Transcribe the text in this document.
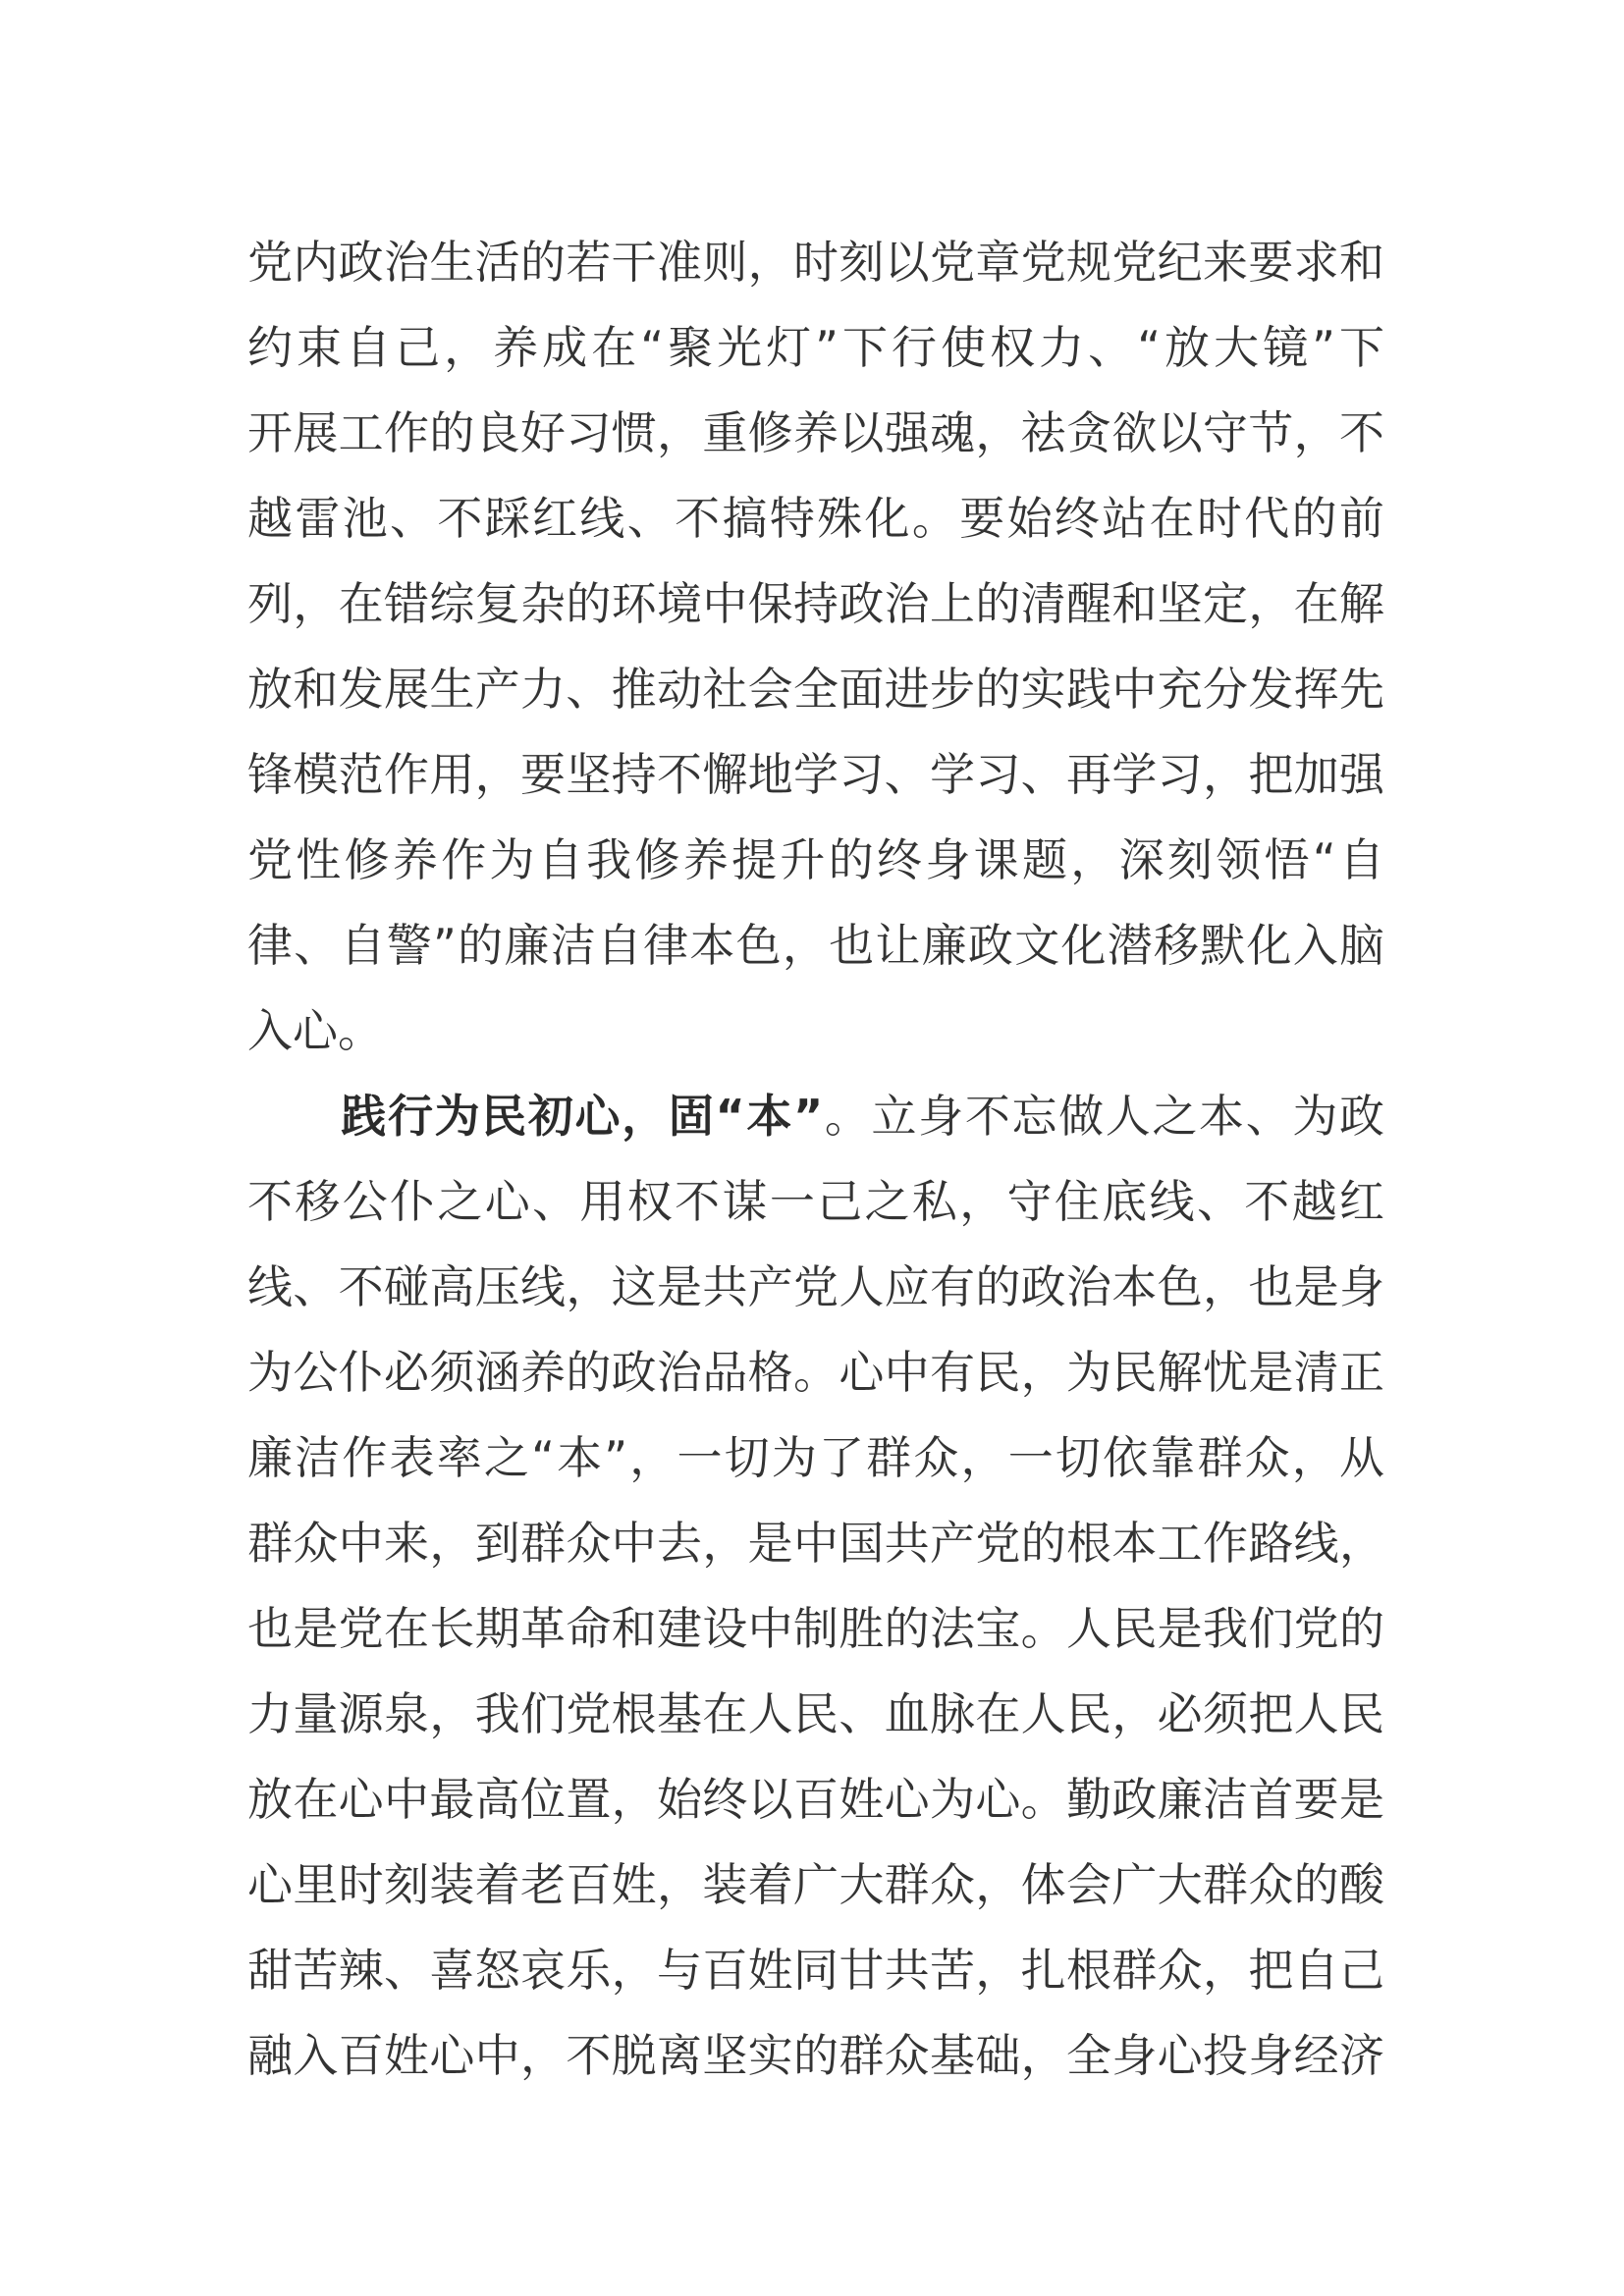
党内政治生活的若干准则，时刻以党章党规党纪来要求和
约束自己，养成在“聚光灯”下行使权力、“放大镜”下
开展工作的良好习惯，重修养以强魂，祛贪欲以守节，不
越雷池、不踩红线、不搞特殊化。要始终站在时代的前
列，在错综复杂的环境中保持政治上的清醒和坚定，在解
放和发展生产力、推动社会全面进步的实践中充分发挥先
锋模范作用，要坚持不懈地学习、学习、再学习，把加强
党性修养作为自我修养提升的终身课题，深刻领悟“自
律、自警”的廉洁自律本色，也让廉政文化潜移默化入脑
入心。
　　践行为民初心，固“本”。立身不忘做人之本、为政
不移公仆之心、用权不谋一己之私，守住底线、不越红
线、不碰高压线，这是共产党人应有的政治本色，也是身
为公仆必须涵养的政治品格。心中有民，为民解忧是清正
廉洁作表率之“本”，一切为了群众，一切依靠群众，从
群众中来，到群众中去，是中国共产党的根本工作路线，
也是党在长期革命和建设中制胜的法宝。人民是我们党的
力量源泉，我们党根基在人民、血脉在人民，必须把人民
放在心中最高位置，始终以百姓心为心。勤政廉洁首要是
心里时刻装着老百姓，装着广大群众，体会广大群众的酸
甜苦辣、喜怒哀乐，与百姓同甘共苦，扎根群众，把自己
融入百姓心中，不脱离坚实的群众基础，全身心投身经济
